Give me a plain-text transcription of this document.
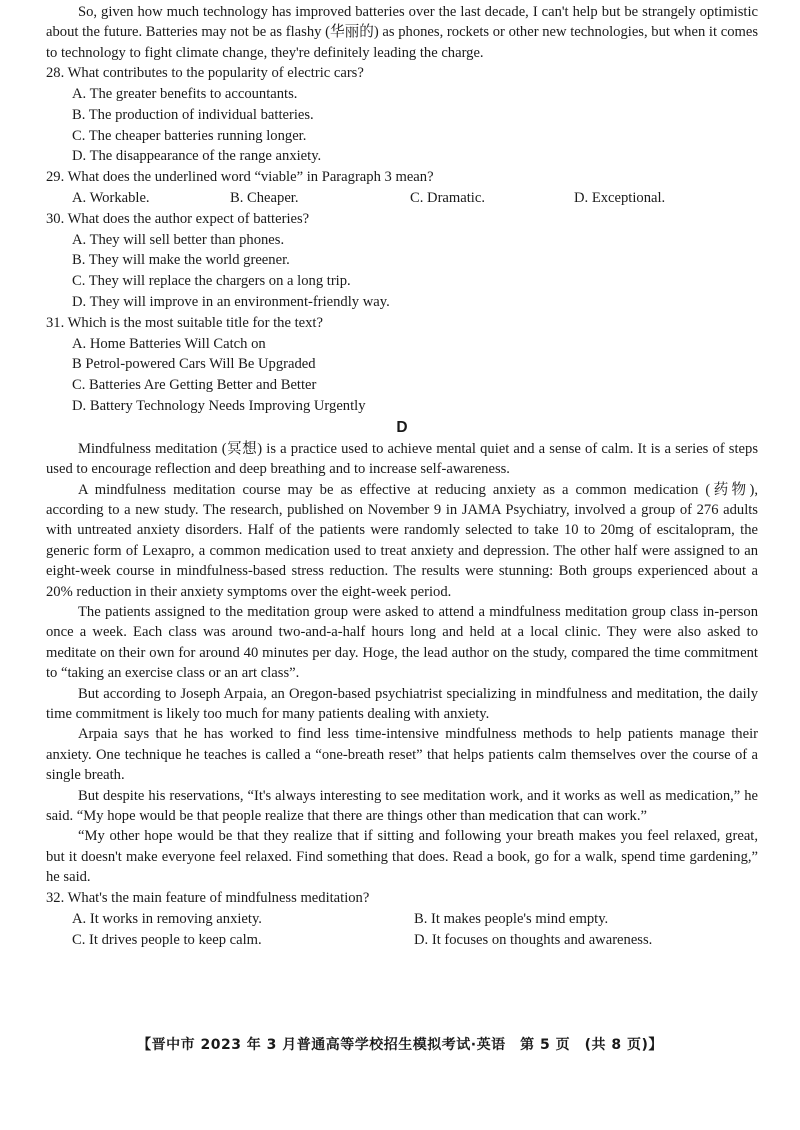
So, given how much technology has improved batteries over the last decade, I can't help but be strangely optimistic about the future. Batteries may not be as flashy (华丽的) as phones, rockets or other new technologies, but when it comes to technology to fight climate change, they're definitely leading the charge.

28. What contributes to the popularity of electric cars?

A. The greater benefits to accountants.

B. The production of individual batteries.

C. The cheaper batteries running longer.

D. The disappearance of the range anxiety.

29. What does the underlined word “viable” in Paragraph 3 mean?

A. Workable.	B. Cheaper.	C. Dramatic.	D. Exceptional.

30. What does the author expect of batteries?

A. They will sell better than phones.

B. They will make the world greener.

C. They will replace the chargers on a long trip.

D. They will improve in an environment-friendly way.

31. Which is the most suitable title for the text?

A. Home Batteries Will Catch on

B Petrol-powered Cars Will Be Upgraded

C. Batteries Are Getting Better and Better

D. Battery Technology Needs Improving Urgently

D

Mindfulness meditation (冥想) is a practice used to achieve mental quiet and a sense of calm. It is a series of steps used to encourage reflection and deep breathing and to increase self-awareness.

A mindfulness meditation course may be as effective at reducing anxiety as a common medication (药物), according to a new study. The research, published on November 9 in JAMA Psychiatry, involved a group of 276 adults with untreated anxiety disorders. Half of the patients were randomly selected to take 10 to 20mg of escitalopram, the generic form of Lexapro, a common medication used to treat anxiety and depression. The other half were assigned to an eight-week course in mindfulness-based stress reduction. The results were stunning: Both groups experienced about a 20% reduction in their anxiety symptoms over the eight-week period.

The patients assigned to the meditation group were asked to attend a mindfulness meditation group class in-person once a week. Each class was around two-and-a-half hours long and held at a local clinic. They were also asked to meditate on their own for around 40 minutes per day. Hoge, the lead author on the study, compared the time commitment to “taking an exercise class or an art class”.

But according to Joseph Arpaia, an Oregon-based psychiatrist specializing in mindfulness and meditation, the daily time commitment is likely too much for many patients dealing with anxiety.

Arpaia says that he has worked to find less time-intensive mindfulness methods to help patients manage their anxiety. One technique he teaches is called a “one-breath reset” that helps patients calm themselves over the course of a single breath.

But despite his reservations, “It's always interesting to see meditation work, and it works as well as medication,” he said. “My hope would be that people realize that there are things other than medication that can work.”

“My other hope would be that they realize that if sitting and following your breath makes you feel relaxed, great, but it doesn't make everyone feel relaxed. Find something that does. Read a book, go for a walk, spend time gardening,” he said.

32. What's the main feature of mindfulness meditation?

A. It works in removing anxiety.	B. It makes people's mind empty.
C. It drives people to keep calm.	D. It focuses on thoughts and awareness.
【晋中市 2023 年 3 月普通高等学校招生模拟考试·英语　第 5 页　(共 8 页)】
